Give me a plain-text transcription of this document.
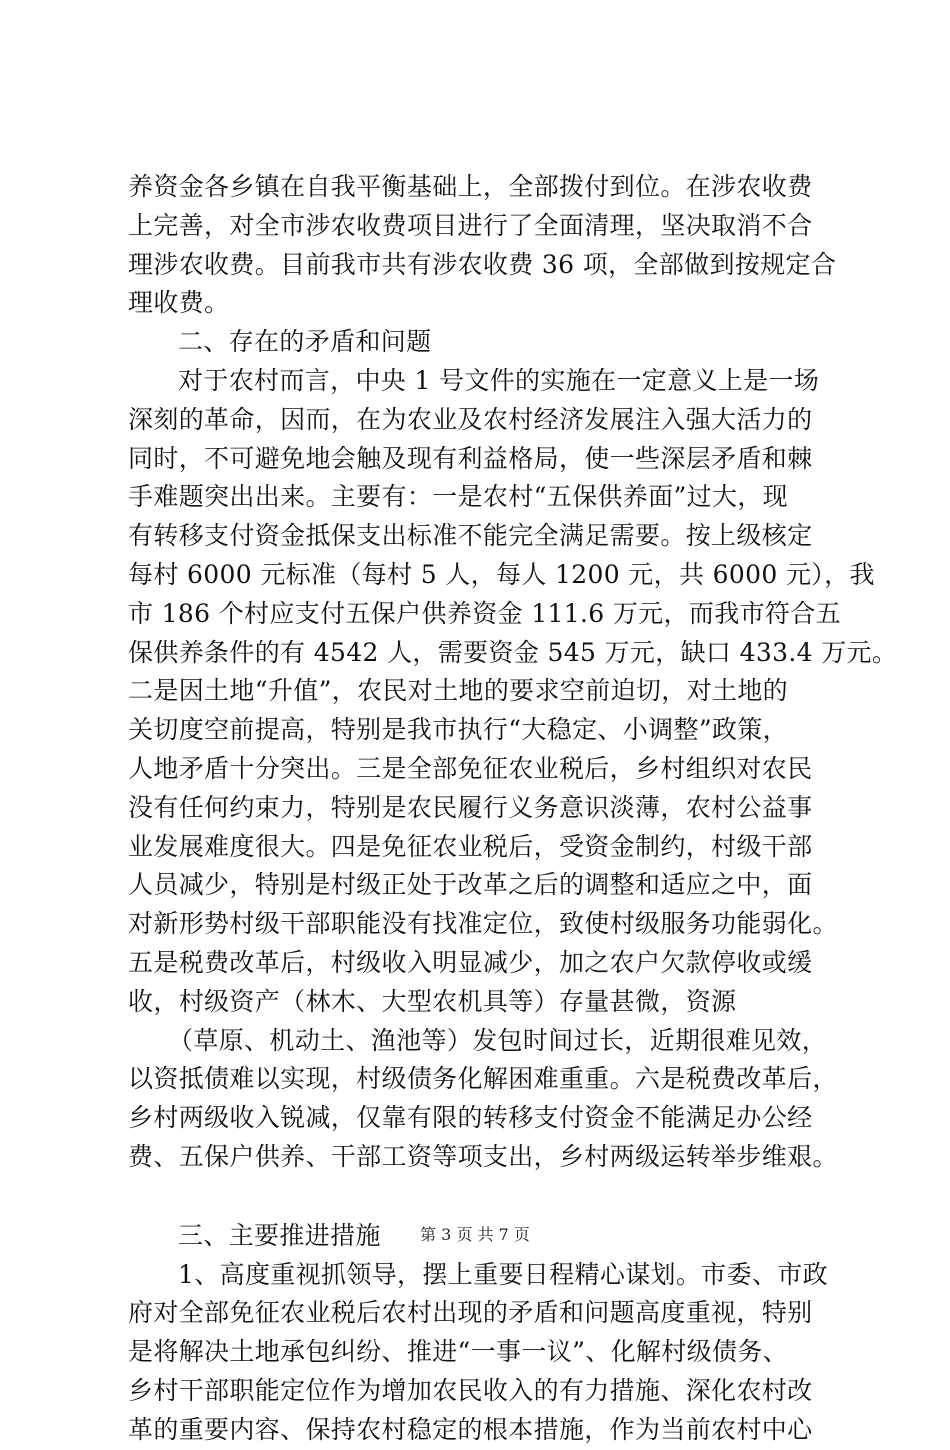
养资金各乡镇在自我平衡基础上，全部拨付到位。在涉农收费
上完善，对全市涉农收费项目进行了全面清理，坚决取消不合
理涉农收费。目前我市共有涉农收费 36 项，全部做到按规定合
理收费。
二、存在的矛盾和问题
对于农村而言，中央 1 号文件的实施在一定意义上是一场
深刻的革命，因而，在为农业及农村经济发展注入强大活力的
同时，不可避免地会触及现有利益格局，使一些深层矛盾和棘
手难题突出出来。主要有：一是农村“五保供养面”过大，现
有转移支付资金抵保支出标准不能完全满足需要。按上级核定
每村 6000 元标准（每村 5 人，每人 1200 元，共 6000 元），我
市 186 个村应支付五保户供养资金 111.6 万元，而我市符合五
保供养条件的有 4542 人，需要资金 545 万元，缺口 433.4 万元。
二是因土地“升值”，农民对土地的要求空前迫切，对土地的
关切度空前提高，特别是我市执行“大稳定、小调整”政策，
人地矛盾十分突出。三是全部免征农业税后，乡村组织对农民
没有任何约束力，特别是农民履行义务意识淡薄，农村公益事
业发展难度很大。四是免征农业税后，受资金制约，村级干部
人员减少，特别是村级正处于改革之后的调整和适应之中，面
对新形势村级干部职能没有找准定位，致使村级服务功能弱化。
五是税费改革后，村级收入明显减少，加之农户欠款停收或缓
收，村级资产（林木、大型农机具等）存量甚微，资源
（草原、机动土、渔池等）发包时间过长，近期很难见效，
以资抵债难以实现，村级债务化解困难重重。六是税费改革后，
乡村两级收入锐减，仅靠有限的转移支付资金不能满足办公经
费、五保户供养、干部工资等项支出，乡村两级运转举步维艰。
三、主要推进措施
1、高度重视抓领导，摆上重要日程精心谋划。市委、市政
府对全部免征农业税后农村出现的矛盾和问题高度重视，特别
是将解决土地承包纠纷、推进“一事一议”、化解村级债务、
乡村干部职能定位作为增加农民收入的有力措施、深化农村改
革的重要内容、保持农村稳定的根本措施，作为当前农村中心
第 3 页 共 7 页
